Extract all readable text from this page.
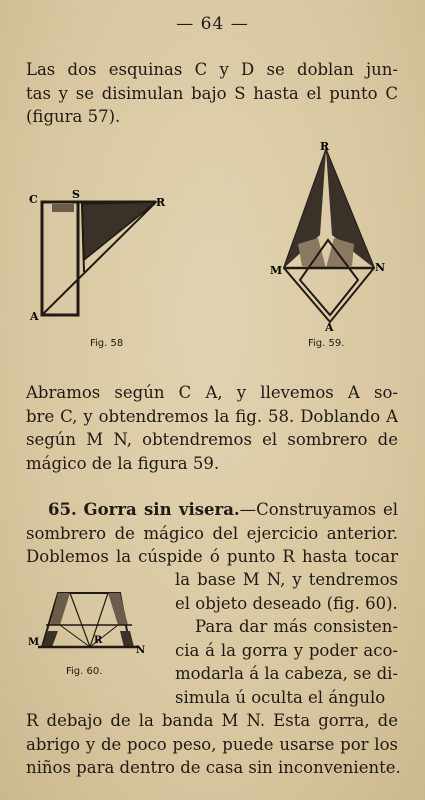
— 64 —
Las dos esquinas C y D se doblan jun-
tas y se disimulan bajo S hasta el punto C
(figura 57).
C	S
R
A
Fig. 58
R
M	N
A
Fig. 59.
Abramos según C A, y llevemos A so-
bre C, y obtendremos la fig. 58. Doblando A
según M N, obtendremos el sombrero de
mágico de la figura 59.
65. Gorra sin visera.—Construyamos el
sombrero de mágico del ejercicio anterior.
Doblemos la cúspide ó punto R hasta tocar
M	R
N
Fig. 60.
la base M N, y tendremos
el objeto deseado (fig. 60).
Para dar más consisten-
cia á la gorra y poder aco-
modarla á la cabeza, se di-
simula ú oculta el ángulo
R debajo de la banda M N. Esta gorra, de
abrigo y de poco peso, puede usarse por los
niños para dentro de casa sin inconveniente.
